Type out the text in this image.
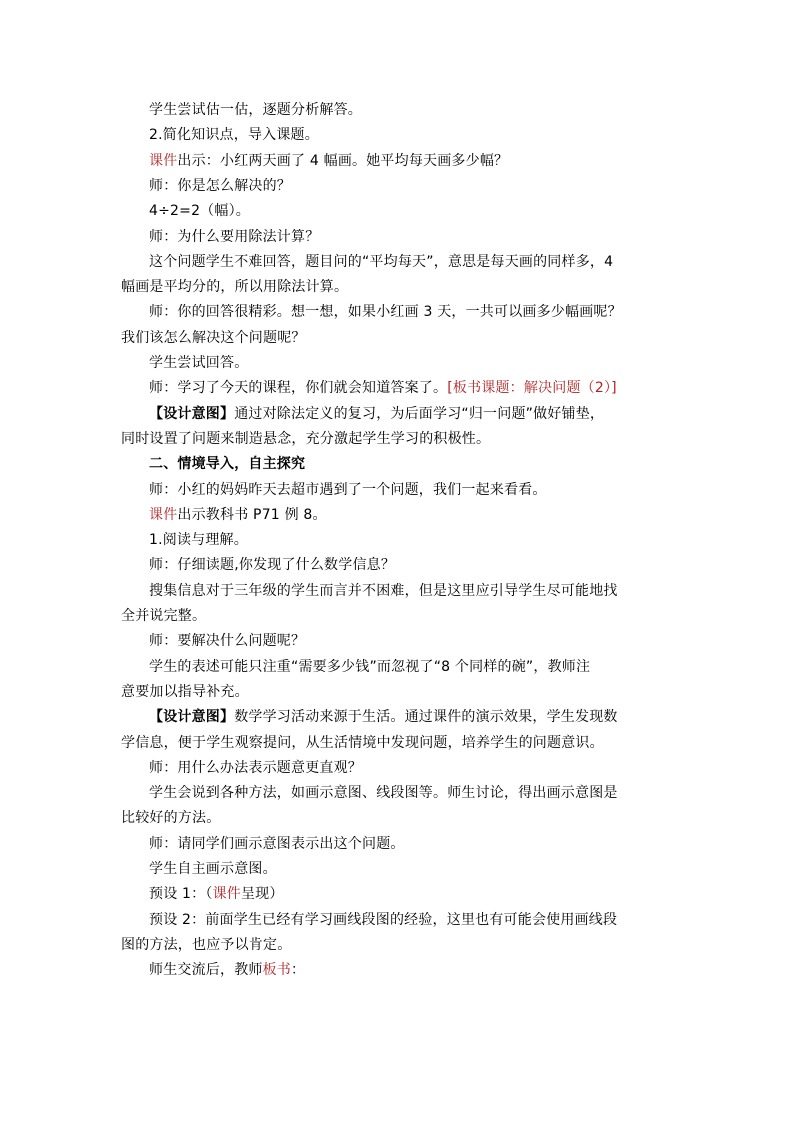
学生尝试估一估，逐题分析解答。
2.简化知识点，导入课题。
课件出示：小红两天画了 4 幅画。她平均每天画多少幅？
师：你是怎么解决的？
4÷2=2（幅）。
师：为什么要用除法计算？
这个问题学生不难回答，题目问的“平均每天”，意思是每天画的同样多，4
幅画是平均分的，所以用除法计算。
师：你的回答很精彩。想一想，如果小红画 3 天，一共可以画多少幅画呢？
我们该怎么解决这个问题呢？
学生尝试回答。
师：学习了今天的课程，你们就会知道答案了。[板书课题：解决问题（2）]
【设计意图】通过对除法定义的复习，为后面学习“归一问题”做好铺垫，
同时设置了问题来制造悬念，充分激起学生学习的积极性。
二、情境导入，自主探究
师：小红的妈妈昨天去超市遇到了一个问题，我们一起来看看。
课件出示教科书 P71 例 8。
1.阅读与理解。
师：仔细读题,你发现了什么数学信息？
搜集信息对于三年级的学生而言并不困难，但是这里应引导学生尽可能地找
全并说完整。
师：要解决什么问题呢？
学生的表述可能只注重“需要多少钱”而忽视了“8 个同样的碗”，教师注
意要加以指导补充。
【设计意图】数学学习活动来源于生活。通过课件的演示效果，学生发现数
学信息，便于学生观察提问，从生活情境中发现问题，培养学生的问题意识。
师：用什么办法表示题意更直观？
学生会说到各种方法，如画示意图、线段图等。师生讨论，得出画示意图是
比较好的方法。
师：请同学们画示意图表示出这个问题。
学生自主画示意图。
预设 1：（课件呈现）
预设 2：前面学生已经有学习画线段图的经验，这里也有可能会使用画线段
图的方法，也应予以肯定。
师生交流后，教师板书：
